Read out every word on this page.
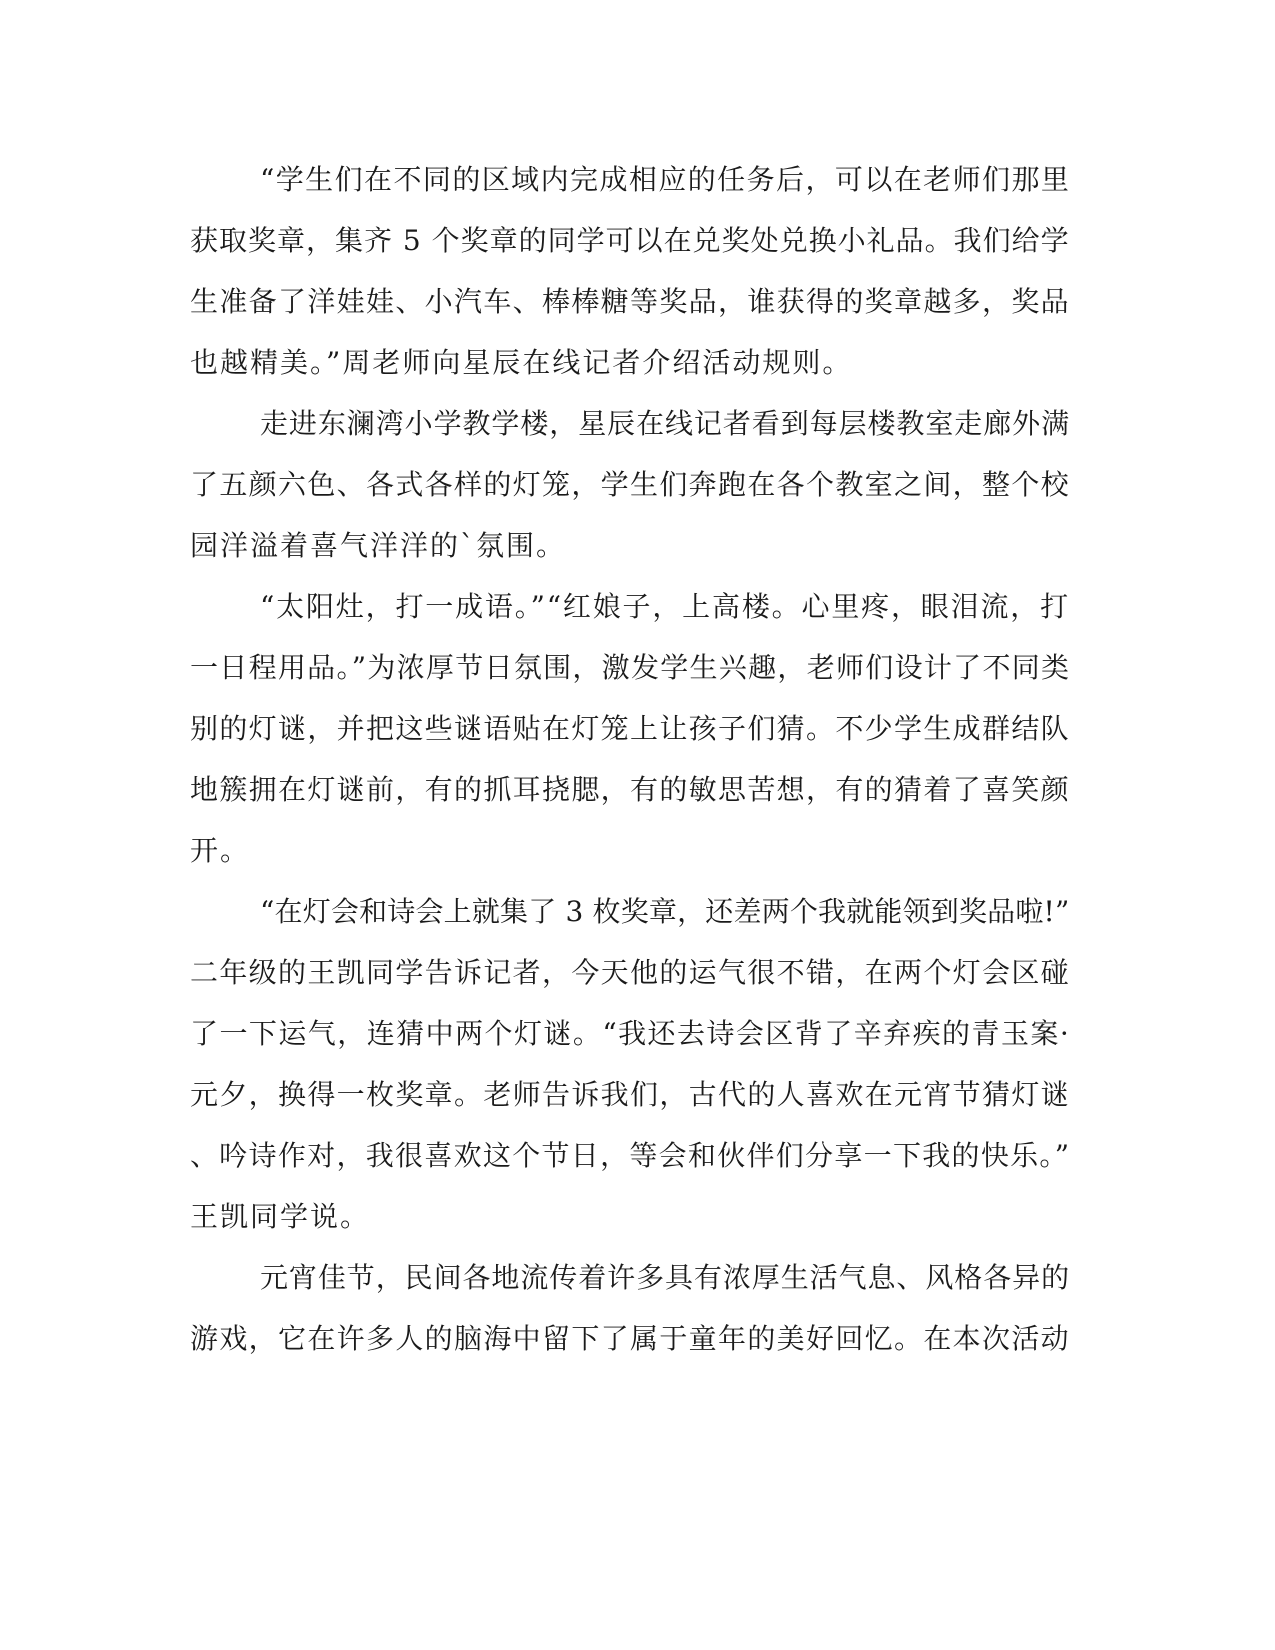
“学生们在不同的区域内完成相应的任务后，可以在老师们那里
获取奖章，集齐 5 个奖章的同学可以在兑奖处兑换小礼品。我们给学
生准备了洋娃娃、小汽车、棒棒糖等奖品，谁获得的奖章越多，奖品
也越精美。”周老师向星辰在线记者介绍活动规则。
走进东澜湾小学教学楼，星辰在线记者看到每层楼教室走廊外满
了五颜六色、各式各样的灯笼，学生们奔跑在各个教室之间，整个校
园洋溢着喜气洋洋的`氛围。
“太阳灶，打一成语。”“红娘子，上高楼。心里疼，眼泪流，打
一日程用品。”为浓厚节日氛围，激发学生兴趣，老师们设计了不同类
别的灯谜，并把这些谜语贴在灯笼上让孩子们猜。不少学生成群结队
地簇拥在灯谜前，有的抓耳挠腮，有的敏思苦想，有的猜着了喜笑颜
开。
“在灯会和诗会上就集了 3 枚奖章，还差两个我就能领到奖品啦!”
二年级的王凯同学告诉记者，今天他的运气很不错，在两个灯会区碰
了一下运气，连猜中两个灯谜。“我还去诗会区背了辛弃疾的青玉案·
元夕，换得一枚奖章。老师告诉我们，古代的人喜欢在元宵节猜灯谜
、吟诗作对，我很喜欢这个节日，等会和伙伴们分享一下我的快乐。”
王凯同学说。
元宵佳节，民间各地流传着许多具有浓厚生活气息、风格各异的
游戏，它在许多人的脑海中留下了属于童年的美好回忆。在本次活动
